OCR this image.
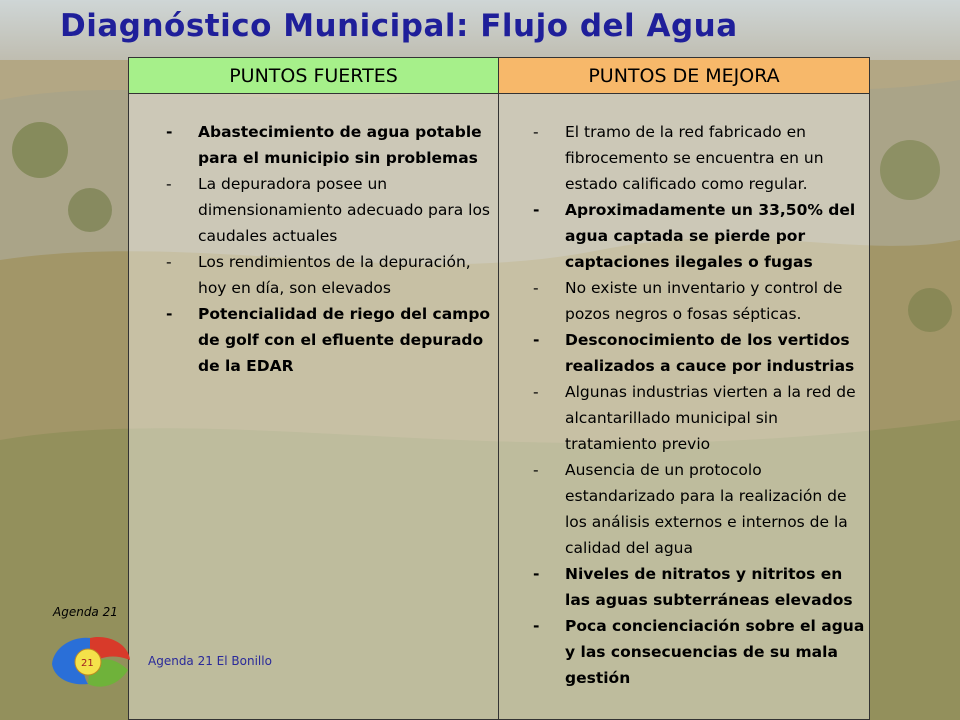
Diagnóstico Municipal: Flujo del Agua
PUNTOS FUERTES	PUNTOS DE MEJORA
- Abastecimiento de agua potable para el municipio sin problemas
- La depuradora posee un dimensionamiento adecuado para los caudales actuales
- Los rendimientos de la depuración, hoy en día, son elevados
- Potencialidad de riego del campo de golf con el efluente depurado de la EDAR
- El tramo de la red fabricado en fibrocemento se encuentra en un estado calificado como regular.
- Aproximadamente un 33,50% del agua captada se pierde por captaciones ilegales o fugas
- No existe un inventario y control de pozos negros o fosas sépticas.
- Desconocimiento de los vertidos realizados a cauce por industrias
- Algunas industrias vierten a la red de alcantarillado municipal sin tratamiento previo
- Ausencia de un protocolo estandarizado para la realización de los análisis externos e internos de la calidad del agua
- Niveles de nitratos y nitritos en las aguas subterráneas elevados
- Poca concienciación sobre el agua y las consecuencias de su mala gestión
21
Agenda 21
Agenda 21 El Bonillo
